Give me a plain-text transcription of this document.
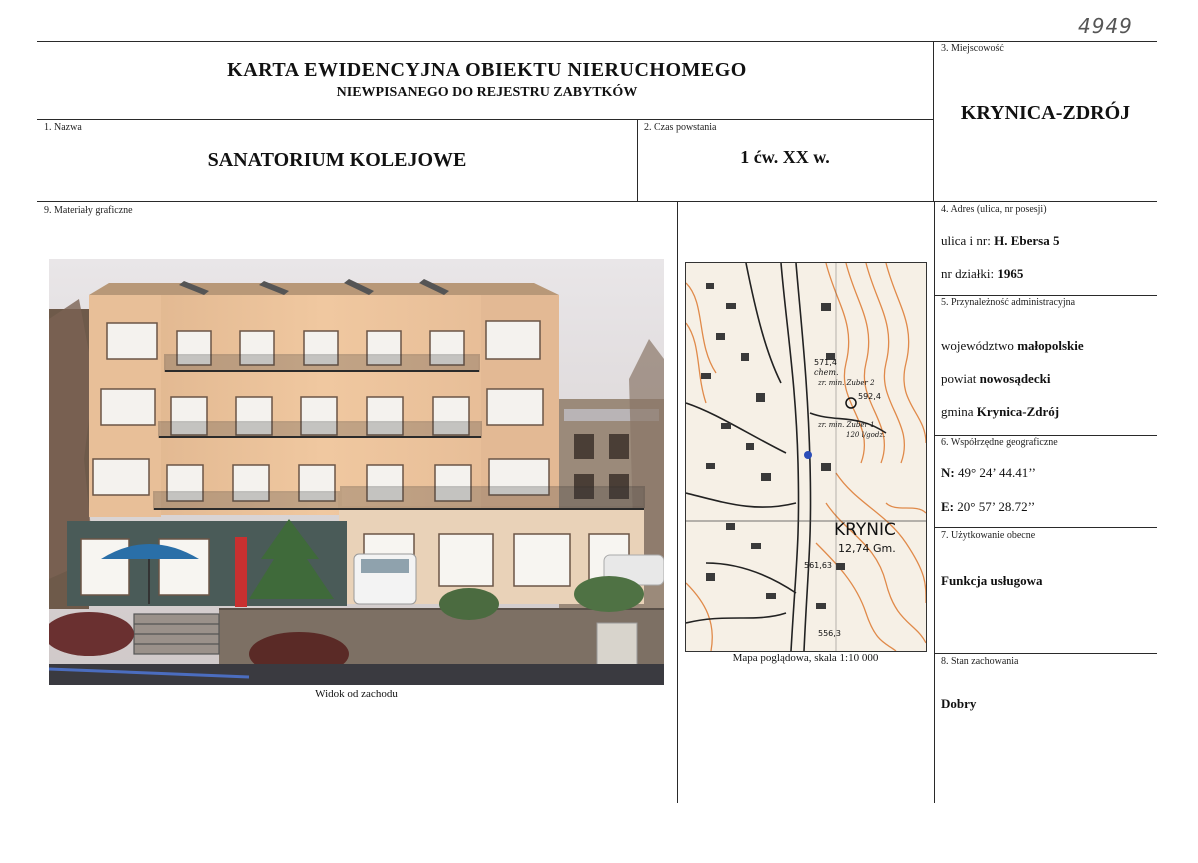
4949
KARTA EWIDENCYJNA OBIEKTU NIERUCHOMEGO
NIEWPISANEGO DO REJESTRU ZABYTKÓW
3. Miejscowość
KRYNICA-ZDRÓJ
1. Nazwa
SANATORIUM KOLEJOWE
2. Czas powstania
1 ćw. XX w.
9. Materiały graficzne
Widok od zachodu
KRYNIC
12,74 Gm.
chem.
zr. min. Zuber 2
zr. min. Zuber 1
120 l/godz.
592,4
571,4
561,63
556,3
Mapa poglądowa, skala 1:10 000
4. Adres (ulica, nr posesji)
ulica i nr: H. Ebersa 5
nr działki: 1965
5. Przynależność administracyjna
województwo małopolskie
powiat nowosądecki
gmina Krynica-Zdrój
6. Współrzędne geograficzne
N: 49° 24’ 44.41’’
E: 20° 57’ 28.72’’
7. Użytkowanie obecne
Funkcja usługowa
8. Stan zachowania
Dobry
